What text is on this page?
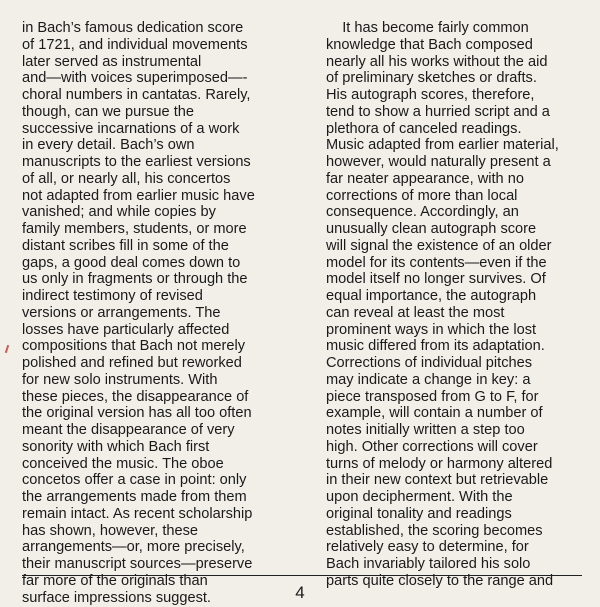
in Bach’s famous dedication score
of 1721, and individual movements
later served as instrumental
and—with voices superimposed—-
choral numbers in cantatas. Rarely,
though, can we pursue the
successive incarnations of a work
in every detail. Bach’s own
manuscripts to the earliest versions
of all, or nearly all, his concertos
not adapted from earlier music have
vanished; and while copies by
family members, students, or more
distant scribes fill in some of the
gaps, a good deal comes down to
us only in fragments or through the
indirect testimony of revised
versions or arrangements. The
losses have particularly affected
compositions that Bach not merely
polished and refined but reworked
for new solo instruments. With
these pieces, the disappearance of
the original version has all too often
meant the disappearance of very
sonority with which Bach first
conceived the music. The oboe
concetos offer a case in point: only
the arrangements made from them
remain intact. As recent scholarship
has shown, however, these
arrangements—or, more precisely,
their manuscript sources—preserve
far more of the originals than
surface impressions suggest.
It has become fairly common
knowledge that Bach composed
nearly all his works without the aid
of preliminary sketches or drafts.
His autograph scores, therefore,
tend to show a hurried script and a
plethora of canceled readings.
Music adapted from earlier material,
however, would naturally present a
far neater appearance, with no
corrections of more than local
consequence. Accordingly, an
unusually clean autograph score
will signal the existence of an older
model for its contents—even if the
model itself no longer survives. Of
equal importance, the autograph
can reveal at least the most
prominent ways in which the lost
music differed from its adaptation.
Corrections of individual pitches
may indicate a change in key: a
piece transposed from G to F, for
example, will contain a number of
notes initially written a step too
high. Other corrections will cover
turns of melody or harmony altered
in their new context but retrievable
upon decipherment. With the
original tonality and readings
established, the scoring becomes
relatively easy to determine, for
Bach invariably tailored his solo
parts quite closely to the range and
4
